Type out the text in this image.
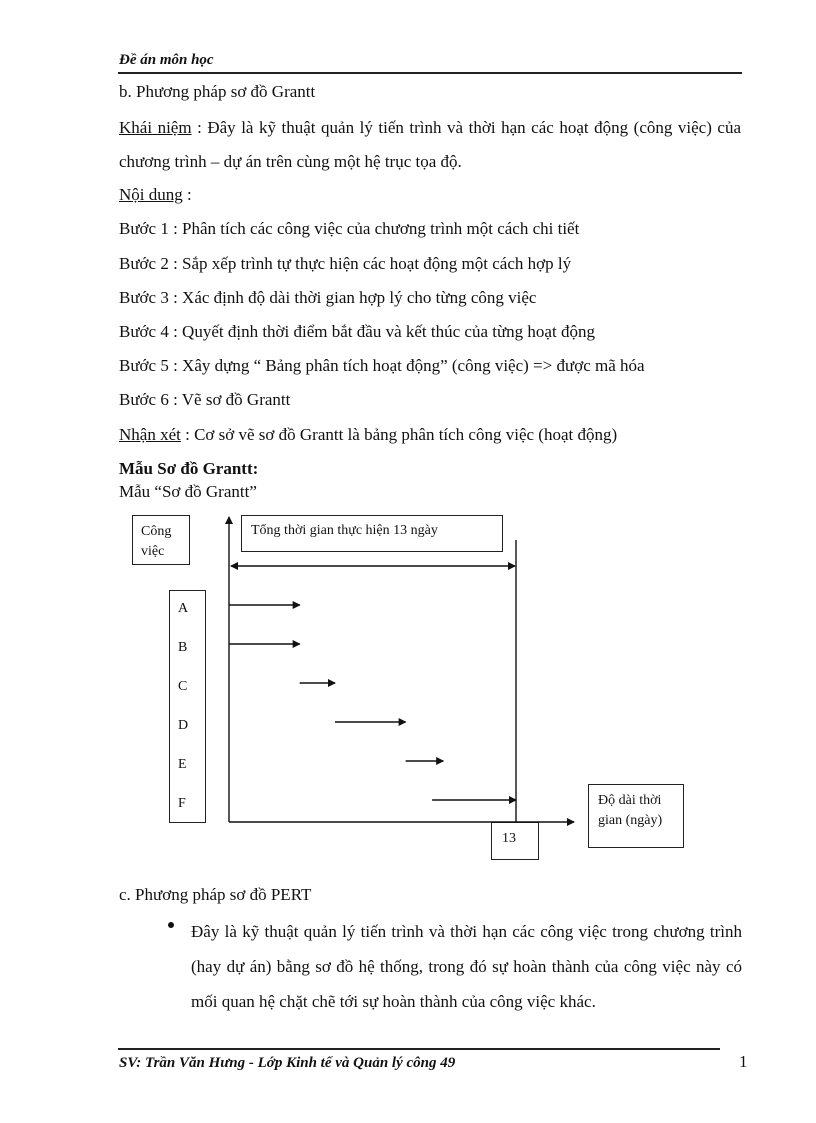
Đề án môn học
b. Phương pháp sơ đồ Grantt
Khái niệm : Đây là kỹ thuật quản lý tiến trình và thời hạn các hoạt động (công việc) của chương trình – dự án trên cùng một hệ trục tọa độ.
Nội dung :
Bước 1 : Phân tích các công việc của chương trình một cách chi tiết
Bước 2 : Sắp xếp trình tự thực hiện các hoạt động một cách hợp lý
Bước 3 : Xác định độ dài thời gian hợp lý cho từng công việc
Bước 4 : Quyết định thời điểm bắt đầu và kết thúc của từng hoạt động
Bước 5 : Xây dựng “ Bảng phân tích hoạt động” (công việc) => được mã hóa
Bước 6 : Vẽ sơ đồ Grantt
Nhận xét : Cơ sở vẽ sơ đồ Grantt là bảng phân tích công việc (hoạt động)
Mẫu Sơ đồ Grantt:
Mẫu “Sơ đồ Grantt”
Công việc
Tổng thời gian thực hiện 13 ngày
13
Độ dài thời gian (ngày)
A
B
C
D
E
F
c. Phương pháp sơ đồ PERT
Đây là kỹ thuật quản lý tiến trình và thời hạn các công việc trong chương trình (hay dự án) bằng sơ đồ hệ thống, trong đó sự hoàn thành của công việc này có mối quan hệ chặt chẽ tới sự hoàn thành của công việc khác.
SV: Trần Văn Hưng - Lớp Kinh tế và Quản lý công 49	1
